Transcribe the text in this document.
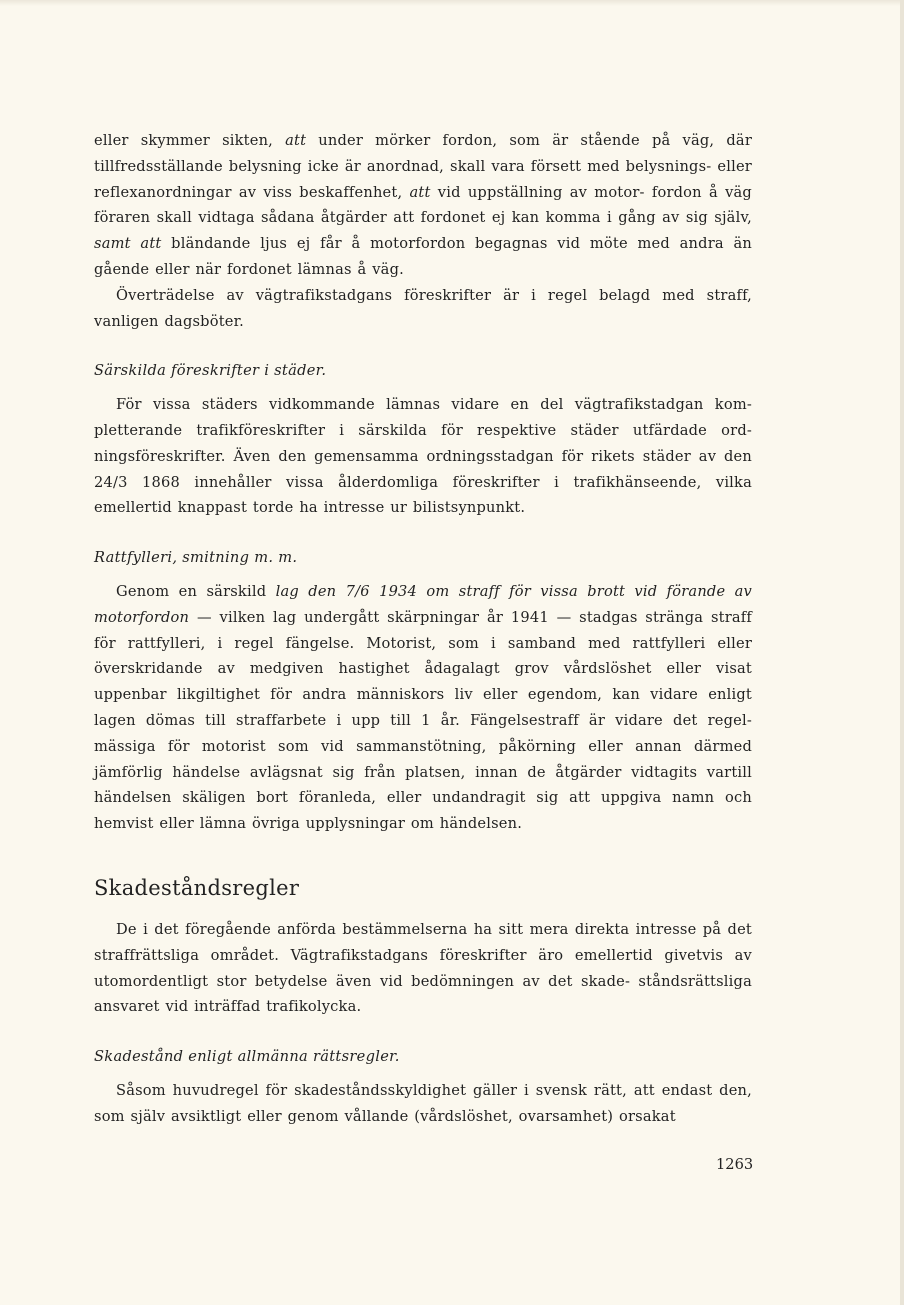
eller skymmer sikten, att under mörker fordon, som är stående på väg, där tillfredsställande belysning icke är anordnad, skall vara försett med belysnings- eller reflexanordningar av viss beskaffenhet, att vid uppställning av motor- fordon å väg föraren skall vidtaga sådana åtgärder att fordonet ej kan komma i gång av sig själv, samt att bländande ljus ej får å motorfordon begagnas vid möte med andra än gående eller när fordonet lämnas å väg.

Överträdelse av vägtrafikstadgans föreskrifter är i regel belagd med straff, vanligen dagsböter.

Särskilda föreskrifter i städer.

För vissa städers vidkommande lämnas vidare en del vägtrafikstadgan kom- pletterande trafikföreskrifter i särskilda för respektive städer utfärdade ord- ningsföreskrifter. Även den gemensamma ordningsstadgan för rikets städer av den 24/3 1868 innehåller vissa ålderdomliga föreskrifter i trafikhänseende, vilka emellertid knappast torde ha intresse ur bilistsynpunkt.

Rattfylleri, smitning m. m.

Genom en särskild lag den 7/6 1934 om straff för vissa brott vid förande av motorfordon — vilken lag undergått skärpningar år 1941 — stadgas stränga straff för rattfylleri, i regel fängelse. Motorist, som i samband med rattfylleri eller överskridande av medgiven hastighet ådagalagt grov vårdslöshet eller visat uppenbar likgiltighet för andra människors liv eller egendom, kan vidare enligt lagen dömas till straffarbete i upp till 1 år. Fängelsestraff är vidare det regel- mässiga för motorist som vid sammanstötning, påkörning eller annan därmed jämförlig händelse avlägsnat sig från platsen, innan de åtgärder vidtagits vartill händelsen skäligen bort föranleda, eller undandragit sig att uppgiva namn och hemvist eller lämna övriga upplysningar om händelsen.

Skadeståndsregler

De i det föregående anförda bestämmelserna ha sitt mera direkta intresse på det straffrättsliga området. Vägtrafikstadgans föreskrifter äro emellertid givetvis av utomordentligt stor betydelse även vid bedömningen av det skade- ståndsrättsliga ansvaret vid inträffad trafikolycka.

Skadestånd enligt allmänna rättsregler.

Såsom huvudregel för skadeståndsskyldighet gäller i svensk rätt, att endast den, som själv avsiktligt eller genom vållande (vårdslöshet, ovarsamhet) orsakat

1263
